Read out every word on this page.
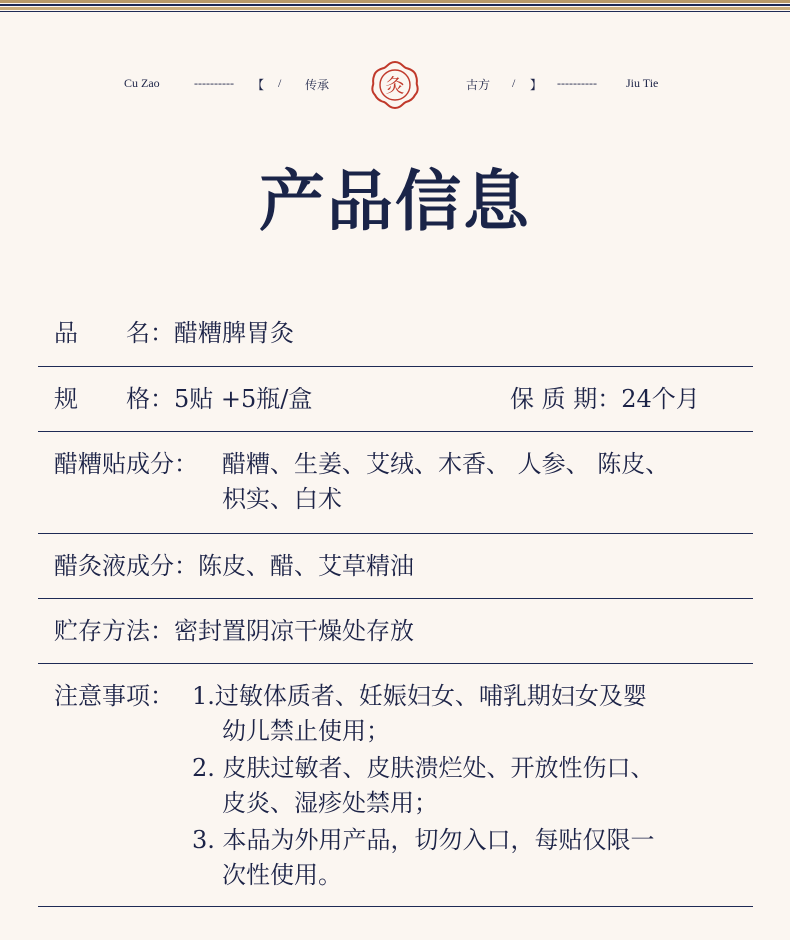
Cu Zao	---------- 【 / 传承	灸	古方 / 】 ---------- Jiu Tie
产品信息
品　　名：醋糟脾胃灸
规　　格：5贴 +5瓶/盒	保 质 期：24个月
醋糟贴成分： 醋糟、生姜、艾绒、木香、 人参、 陈皮、
枳实、白术
醋灸液成分：陈皮、醋、艾草精油
贮存方法：密封置阴凉干燥处存放
注意事项： 1.过敏体质者、妊娠妇女、哺乳期妇女及婴
幼儿禁止使用；
2. 皮肤过敏者、皮肤溃烂处、开放性伤口、
皮炎、湿疹处禁用；
3. 本品为外用产品，切勿入口，每贴仅限一
次性使用。
